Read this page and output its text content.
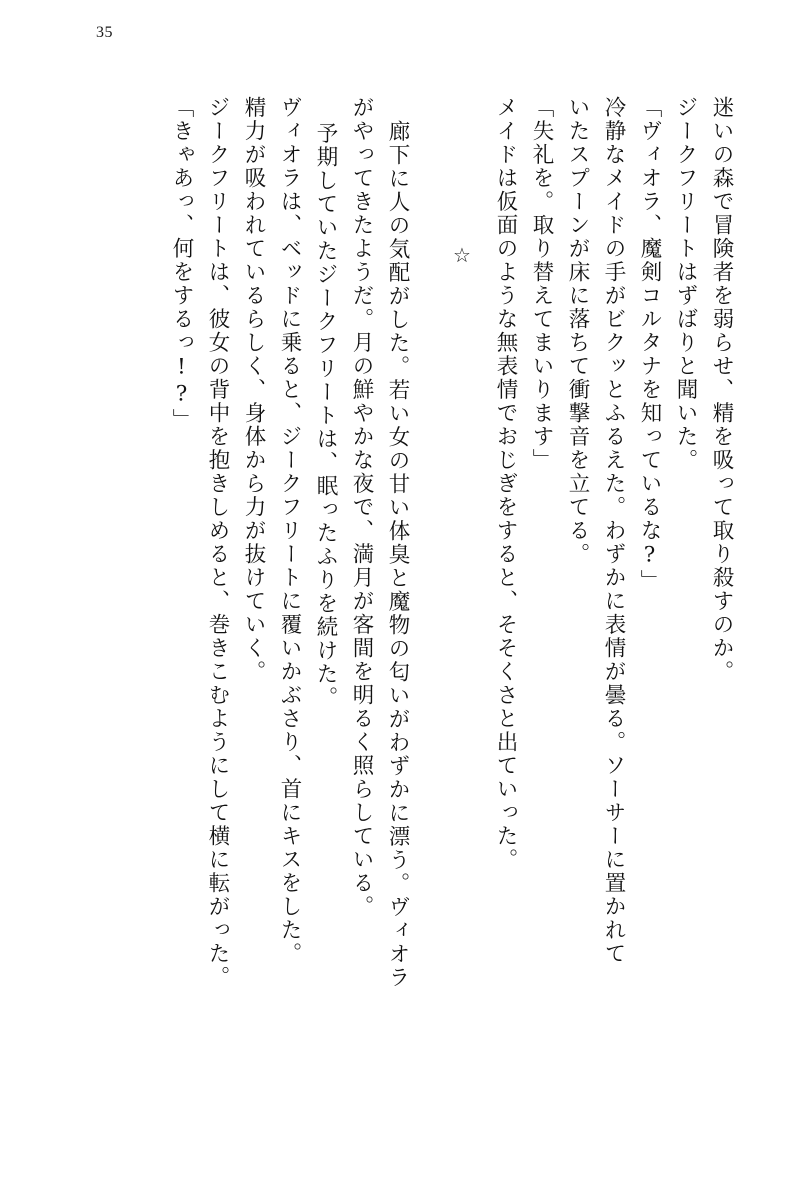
35
迷いの森で冒険者を弱らせ、精を吸って取り殺すのか。
ジークフリートはずばりと聞いた。
「ヴィオラ、魔剣コルタナを知っているな?」
冷静なメイドの手がビクッとふるえた。わずかに表情が曇る。ソーサーに置かれて
いたスプーンが床に落ちて衝撃音を立てる。
「失礼を。取り替えてまいります」
メイドは仮面のような無表情でおじぎをすると、そそくさと出ていった。
☆
廊下に人の気配がした。若い女の甘い体臭と魔物の匂いがわずかに漂う。ヴィオラ
がやってきたようだ。月の鮮やかな夜で、満月が客間を明るく照らしている。
予期していたジークフリートは、眠ったふりを続けた。
ヴィオラは、ベッドに乗ると、ジークフリートに覆いかぶさり、首にキスをした。
精力が吸われているらしく、身体から力が抜けていく。
ジークフリートは、彼女の背中を抱きしめると、巻きこむようにして横に転がった。
「きゃあっ、何をするっ!?」
